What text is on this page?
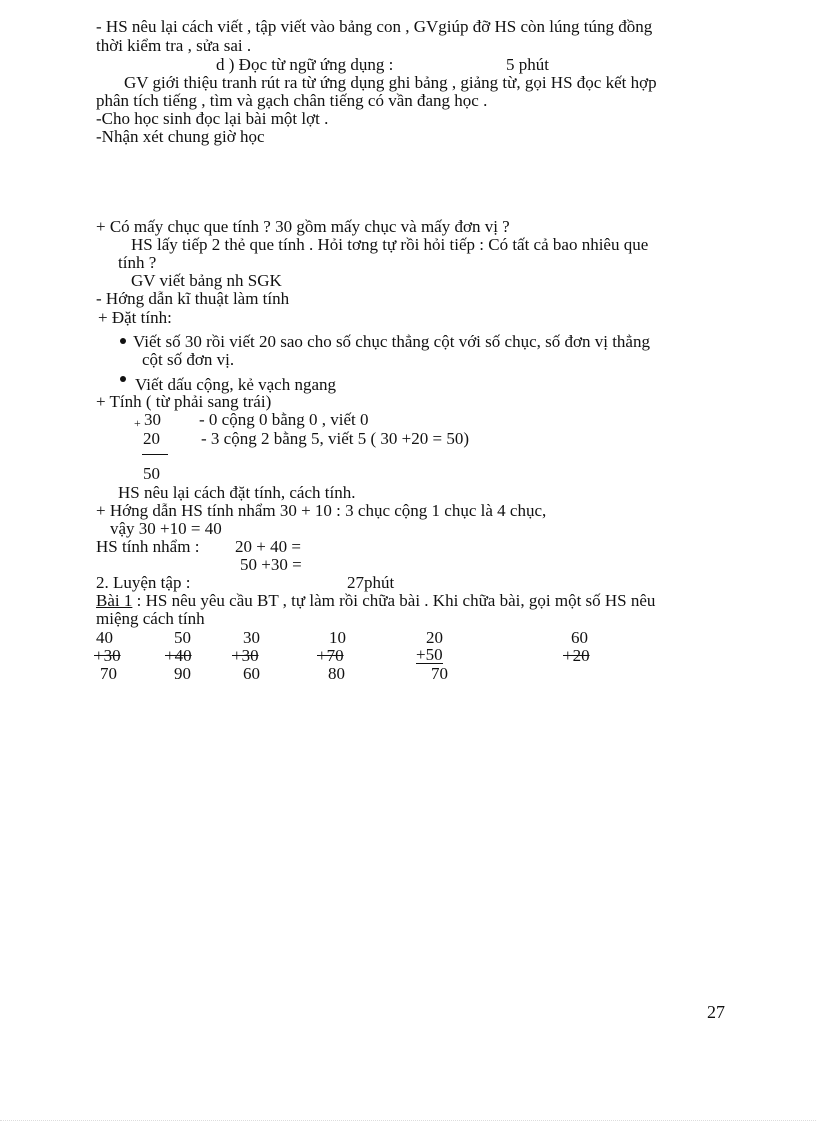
- HS nêu lại cách viết , tập viết vào bảng con , GVgiúp đỡ HS còn lúng túng đồng
thời kiểm tra , sửa sai .
d ) Đọc từ ngữ ứng dụng :	5 phút
GV giới thiệu tranh rút ra từ ứng dụng ghi bảng , giảng từ, gọi HS đọc kết hợp
phân tích tiếng , tìm và gạch chân tiếng có vần đang học .
-Cho học sinh đọc lại bài một lợt .
-Nhận xét chung giờ học
+ Có mấy chục que tính ? 30 gồm mấy chục và mấy đơn vị ?
HS lấy tiếp 2 thẻ que tính . Hỏi tơng tự rồi hỏi tiếp : Có tất cả bao nhiêu que
tính ?
GV viết bảng nh SGK
- Hớng dẫn kĩ thuật làm tính
+ Đặt tính:
Viết số 30 rồi viết 20 sao cho số chục thẳng cột với số chục, số đơn vị thẳng
cột số đơn vị.
Viết dấu cộng, kẻ vạch ngang
+ Tính ( từ phải sang trái)
+ 30 - 0 cộng 0 bằng 0 , viết 0
20 - 3 cộng 2 bằng 5, viết 5 ( 30 +20 = 50)
50
HS nêu lại cách đặt tính, cách tính.
+ Hớng dẫn HS tính nhẩm 30 + 10 : 3 chục cộng 1 chục là 4 chục,
vậy 30 +10 = 40
HS tính nhẩm : 20 + 40 =
50 +30 =
2. Luyện tập :	27phút
Bài 1 : HS nêu yêu cầu BT , tự làm rồi chữa bài . Khi chữa bài, gọi một số HS nêu
miệng cách tính
40
+30
70
50
+40
90
30
+30
60
10
+70
80
20
+50
70
60
+20
27
